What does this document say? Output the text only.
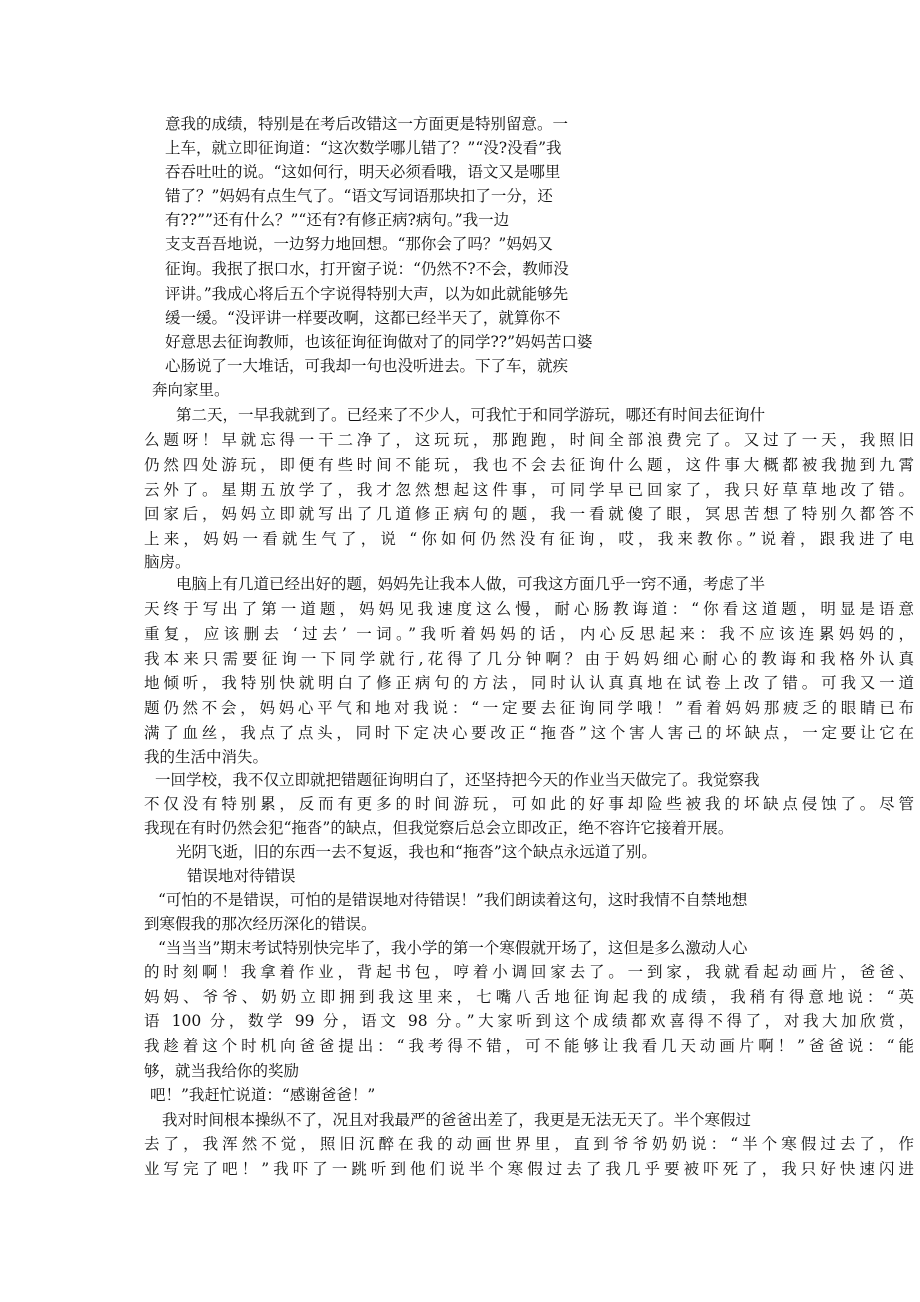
意我的成绩，特别是在考后改错这一方面更是特别留意。一
上车，就立即征询道：“这次数学哪儿错了？”“没?没看”我
吞吞吐吐的说。“这如何行，明天必须看哦，语文又是哪里
错了？”妈妈有点生气了。“语文写词语那块扣了一分，还
有??””还有什么？”“还有?有修正病?病句。”我一边
支支吾吾地说，一边努力地回想。“那你会了吗？”妈妈又
征询。我抿了抿口水，打开窗子说：“仍然不?不会，教师没
评讲。”我成心将后五个字说得特别大声，以为如此就能够先
缓一缓。“没评讲一样要改啊，这都已经半天了，就算你不
好意思去征询教师，也该征询征询做对了的同学??”妈妈苦口婆
心肠说了一大堆话，可我却一句也没听进去。下了车，就疾
奔向家里。
第二天，一早我就到了。已经来了不少人，可我忙于和同学游玩，哪还有时间去征询什
么题呀！早就忘得一干二净了，这玩玩，那跑跑，时间全部浪费完了。又过了一天，我照旧
仍然四处游玩，即便有些时间不能玩，我也不会去征询什么题，这件事大概都被我抛到九霄
云外了。星期五放学了，我才忽然想起这件事，可同学早已回家了，我只好草草地改了错。
回家后，妈妈立即就写出了几道修正病句的题，我一看就傻了眼，冥思苦想了特别久都答不
上来，妈妈一看就生气了，说 “你如何仍然没有征询，哎，我来教你。”说着，跟我进了电
脑房。
电脑上有几道已经出好的题，妈妈先让我本人做，可我这方面几乎一窍不通，考虑了半
天终于写出了第一道题，妈妈见我速度这么慢，耐心肠教诲道：“你看这道题，明显是语意
重复，应该删去 ‘过去’ 一词。”我听着妈妈的话，内心反思起来：我不应该连累妈妈的，
我本来只需要征询一下同学就行,花得了几分钟啊？由于妈妈细心耐心的教诲和我格外认真
地倾听，我特别快就明白了修正病句的方法，同时认认真真地在试卷上改了错。可我又一道
题仍然不会，妈妈心平气和地对我说：“一定要去征询同学哦！”看着妈妈那疲乏的眼睛已布
满了血丝，我点了点头，同时下定决心要改正“拖沓”这个害人害己的坏缺点，一定要让它在
我的生活中消失。
一回学校，我不仅立即就把错题征询明白了，还坚持把今天的作业当天做完了。我觉察我
不仅没有特别累，反而有更多的时间游玩，可如此的好事却险些被我的坏缺点侵蚀了。尽管
我现在有时仍然会犯“拖沓”的缺点，但我觉察后总会立即改正，绝不容许它接着开展。
光阴飞逝，旧的东西一去不复返，我也和“拖沓”这个缺点永远道了别。
错误地对待错误
“可怕的不是错误，可怕的是错误地对待错误！”我们朗读着这句，这时我情不自禁地想
到寒假我的那次经历深化的错误。
“当当当”期末考试特别快完毕了，我小学的第一个寒假就开场了，这但是多么激动人心
的时刻啊！我拿着作业，背起书包，哼着小调回家去了。一到家，我就看起动画片，爸爸、
妈妈、爷爷、奶奶立即拥到我这里来，七嘴八舌地征询起我的成绩，我稍有得意地说：“英
语 100 分，数学 99 分，语文 98 分。”大家听到这个成绩都欢喜得不得了，对我大加欣赏，
我趁着这个时机向爸爸提出：“我考得不错，可不能够让我看几天动画片啊！”爸爸说：“能
够，就当我给你的奖励
吧！”我赶忙说道：“感谢爸爸！”
我对时间根本操纵不了，况且对我最严的爸爸出差了，我更是无法无天了。半个寒假过
去了，我浑然不觉，照旧沉醉在我的动画世界里，直到爷爷奶奶说：“半个寒假过去了，作
业写完了吧！”我吓了一跳听到他们说半个寒假过去了我几乎要被吓死了，我只好快速闪进
